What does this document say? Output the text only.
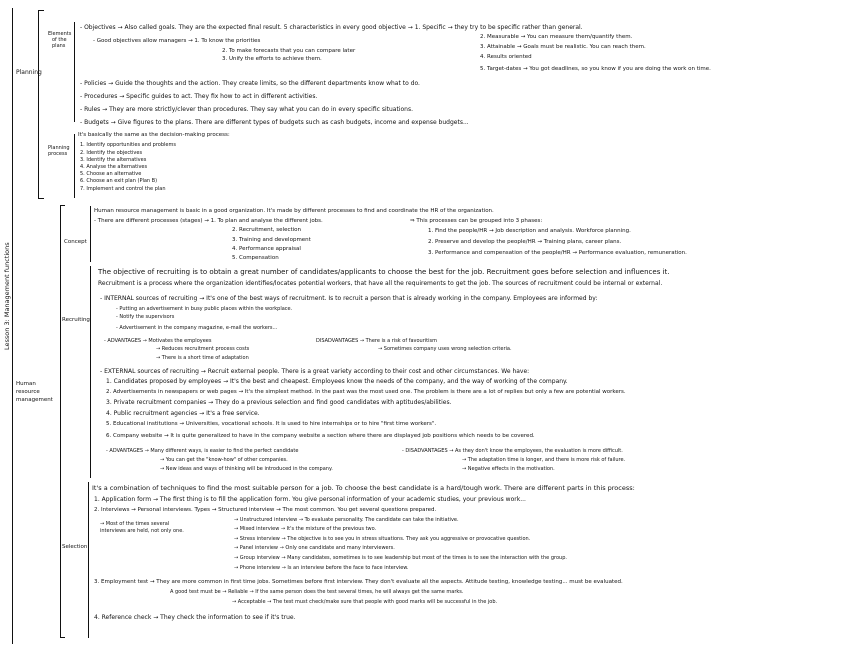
Lesson 3: Management functions
Planning
Elements
of the
plans
- Objectives → Also called goals. They are the expected final result. 5 characteristics in every good objective → 1. Specific → they try to be specific rather than general.
- Good objectives allow managers → 1. To know the priorities
2. To make forecasts that you can compare later
3. Unify the efforts to achieve them.
2. Measurable → You can measure them/quantify them.
3. Attainable → Goals must be realistic. You can reach them.
4. Results oriented
5. Target-dates → You got deadlines, so you know if you are doing the work on time.
- Policies → Guide the thoughts and the action. They create limits, so the different departments know what to do.
- Procedures → Specific guides to act. They fix how to act in different activities.
- Rules → They are more strictly/clever than procedures. They say what you can do in every specific situations.
- Budgets → Give figures to the plans. There are different types of budgets such as cash budgets, income and expense budgets...
Planning
process
It's basically the same as the decision-making process:
1. Identify opportunities and problems
2. Identify the objectives
3. Identify the alternatives
4. Analyse the alternatives
5. Choose an alternative
6. Choose an exit plan (Plan B)
7. Implement and control the plan
Human
resource
management
Concept
Human resource management is basic in a good organization. It's made by different processes to find and coordinate the HR of the organization.
- There are different processes (stages) → 1. To plan and analyse the different jobs.
2. Recruitment, selection
3. Training and development
4. Performance appraisal
5. Compensation
⇒ This processes can be grouped into 3 phases:
1. Find the people/HR → Job description and analysis. Workforce planning.
2. Preserve and develop the people/HR → Training plans, career plans.
3. Performance and compensation of the people/HR → Performance evaluation, remuneration.
Recruiting
The objective of recruiting is to obtain a great number of candidates/applicants to choose the best for the job. Recruitment goes before selection and influences it.
Recruitment is a process where the organization identifies/locates potential workers, that have all the requirements to get the job. The sources of recruitment could be internal or external.
- INTERNAL sources of recruiting → It's one of the best ways of recruitment. Is to recruit a person that is already working in the company. Employees are informed by:
- Putting an advertisement in busy public places within the workplace.
- Notify the supervisors
- Advertisement in the company magazine, e-mail the workers...
- ADVANTAGES → Motivates the employees
→ Reduces recruitment process costs
→ There is a short time of adaptation
DISADVANTAGES → There is a risk of favouritism
→ Sometimes company uses wrong selection criteria.
- EXTERNAL sources of recruiting → Recruit external people. There is a great variety according to their cost and other circumstances. We have:
1. Candidates proposed by employees → It's the best and cheapest. Employees know the needs of the company, and the way of working of the company.
2. Advertisements in newspapers or web pages → It's the simplest method. In the past was the most used one. The problem is there are a lot of replies but only a few are potential workers.
3. Private recruitment companies → They do a previous selection and find good candidates with aptitudes/abilities.
4. Public recruitment agencies → It's a free service.
5. Educational institutions → Universities, vocational schools. It is used to hire internships or to hire "first time workers".
6. Company website → It is quite generalized to have in the company website a section where there are displayed job positions which needs to be covered.
- ADVANTAGES → Many different ways, is easier to find the perfect candidate
→ You can get the "know-how" of other companies.
→ New ideas and ways of thinking will be introduced in the company.
- DISADVANTAGES → As they don't know the employees, the evaluation is more difficult.
→ The adaptation time is longer, and there is more risk of failure.
→ Negative effects in the motivation.
Selection
It's a combination of techniques to find the most suitable person for a job. To choose the best candidate is a hard/tough work. There are different parts in this process:
1. Application form → The first thing is to fill the application form. You give personal information of your academic studies, your previous work...
2. Interviews → Personal interviews. Types → Structured interview → The most common. You get several questions prepared.
→ Unstructured interview → To evaluate personality. The candidate can take the initiative.
→ Mixed interview → It's the mixture of the previous two.
→ Stress interview → The objective is to see you in stress situations. They ask you aggressive or provocative question.
→ Panel interview → Only one candidate and many interviewers.
→ Group interview → Many candidates, sometimes is to see leadership but most of the times is to see the interaction with the group.
→ Phone interview → Is an interview before the face to face interview.
→ Most of the times several interviews are held, not only one.
3. Employment test → They are more common in first time jobs. Sometimes before first interview. They don't evaluate all the aspects. Attitude testing, knowledge testing... must be evaluated.
A good test must be → Reliable → If the same person does the test several times, he will always get the same marks.
→ Acceptable → The test must check/make sure that people with good marks will be successful in the job.
4. Reference check → They check the information to see if it's true.
